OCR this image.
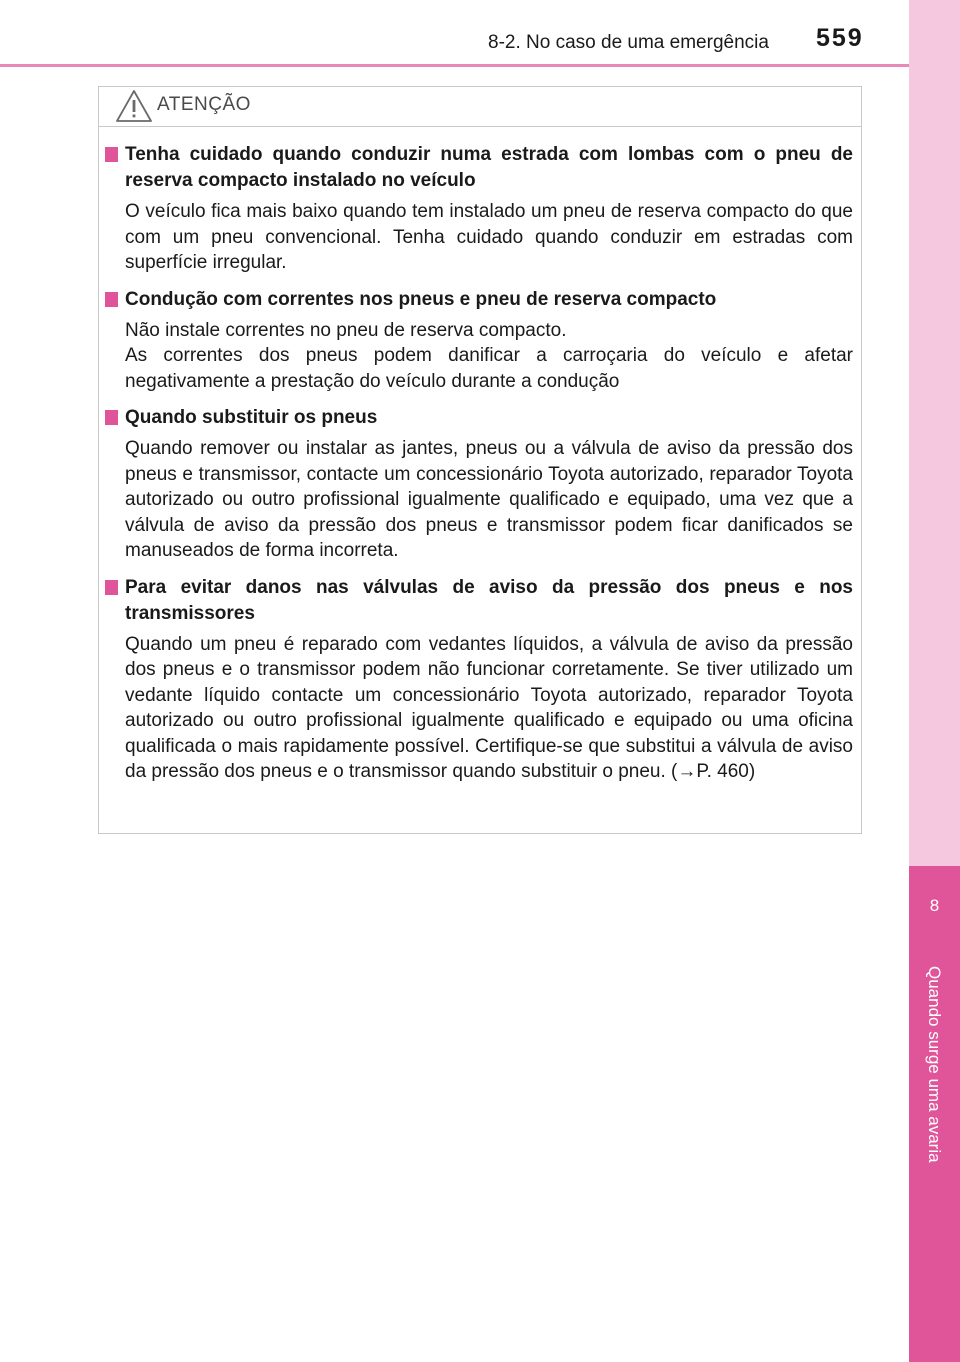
8
Quando surge uma avaria
8-2. No caso de uma emergência 559
ATENÇÃO
Tenha cuidado quando conduzir numa estrada com lombas com o pneu de reserva compacto instalado no veículo

O veículo fica mais baixo quando tem instalado um pneu de reserva compacto do que com um pneu convencional. Tenha cuidado quando conduzir em estradas com superfície irregular.

Condução com correntes nos pneus e pneu de reserva compacto

Não instale correntes no pneu de reserva compacto.

As correntes dos pneus podem danificar a carroçaria do veículo e afetar negativamente a prestação do veículo durante a condução

Quando substituir os pneus

Quando remover ou instalar as jantes, pneus ou a válvula de aviso da pressão dos pneus e transmissor, contacte um concessionário Toyota autorizado, reparador Toyota autorizado ou outro profissional igualmente qualificado e equipado, uma vez que a válvula de aviso da pressão dos pneus e transmissor podem ficar danificados se manuseados de forma incorreta.

Para evitar danos nas válvulas de aviso da pressão dos pneus e nos transmissores

Quando um pneu é reparado com vedantes líquidos, a válvula de aviso da pressão dos pneus e o transmissor podem não funcionar corretamente. Se tiver utilizado um vedante líquido contacte um concessionário Toyota autorizado, reparador Toyota autorizado ou outro profissional igualmente qualificado e equipado ou uma oficina qualificada o mais rapidamente possível. Certifique-se que substitui a válvula de aviso da pressão dos pneus e o transmissor quando substituir o pneu. (→P. 460)
